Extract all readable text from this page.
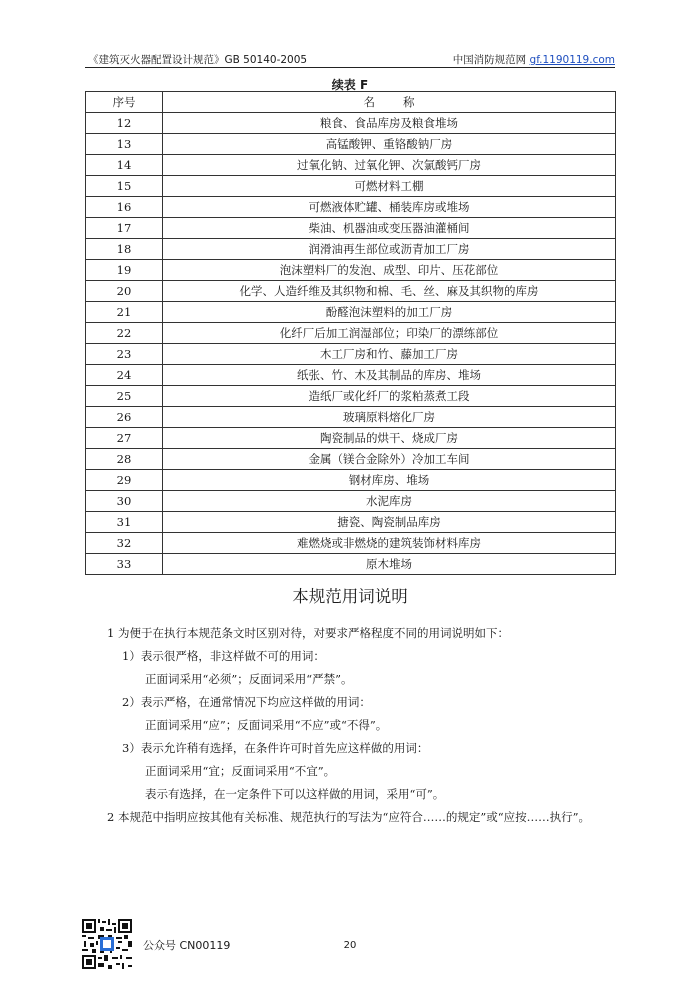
《建筑灭火器配置设计规范》GB 50140-2005	中国消防规范网 gf.1190119.com
续表 F
序号	名称
12	粮食、食品库房及粮食堆场
13	高锰酸钾、重铬酸钠厂房
14	过氧化钠、过氧化钾、次氯酸钙厂房
15	可燃材料工棚
16	可燃液体贮罐、桶装库房或堆场
17	柴油、机器油或变压器油灌桶间
18	润滑油再生部位或沥青加工厂房
19	泡沫塑料厂的发泡、成型、印片、压花部位
20	化学、人造纤维及其织物和棉、毛、丝、麻及其织物的库房
21	酚醛泡沫塑料的加工厂房
22	化纤厂后加工润湿部位；印染厂的漂练部位
23	木工厂房和竹、藤加工厂房
24	纸张、竹、木及其制品的库房、堆场
25	造纸厂或化纤厂的浆粕蒸煮工段
26	玻璃原料熔化厂房
27	陶瓷制品的烘干、烧成厂房
28	金属（镁合金除外）冷加工车间
29	钢材库房、堆场
30	水泥库房
31	搪瓷、陶瓷制品库房
32	难燃烧或非燃烧的建筑装饰材料库房
33	原木堆场
本规范用词说明
1 为便于在执行本规范条文时区别对待，对要求严格程度不同的用词说明如下：
1）表示很严格，非这样做不可的用词：
正面词采用“必须”；反面词采用“严禁”。
2）表示严格，在通常情况下均应这样做的用词：
正面词采用“应”；反面词采用“不应”或“不得”。
3）表示允许稍有选择，在条件许可时首先应这样做的用词：
正面词采用“宜；反面词采用“不宜”。
表示有选择，在一定条件下可以这样做的用词，采用“可”。
2 本规范中指明应按其他有关标准、规范执行的写法为“应符合……的规定”或“应按……执行”。
公众号 CN00119	20
